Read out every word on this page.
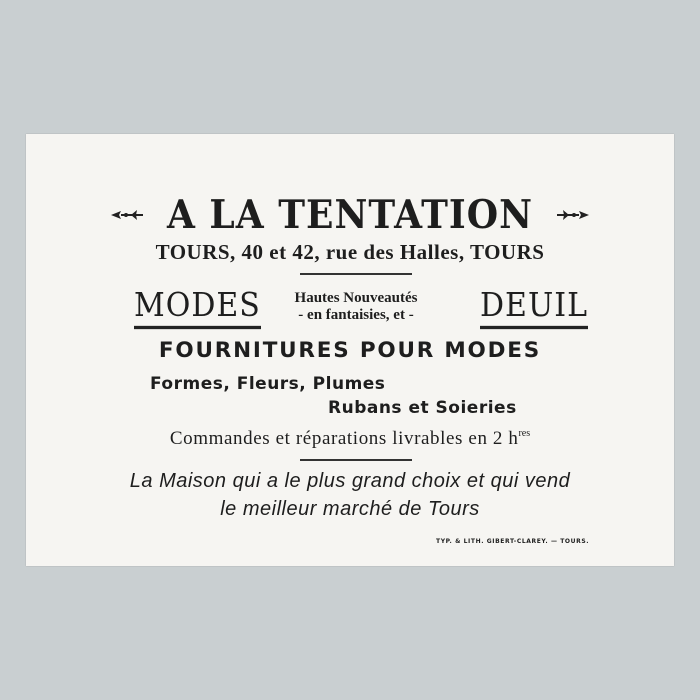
A LA TENTATION
TOURS, 40 et 42, rue des Halles, TOURS
MODES	Hautes Nouveautés
- en fantaisies, et -	DEUIL
FOURNITURES POUR MODES
Formes, Fleurs, Plumes
Rubans et Soieries
Commandes et réparations livrables en 2 $h^{res}$
La Maison qui a le plus grand choix et qui vend
le meilleur marché de Tours
TYP. & LITH. GIBERT-CLAREY. — TOURS.
